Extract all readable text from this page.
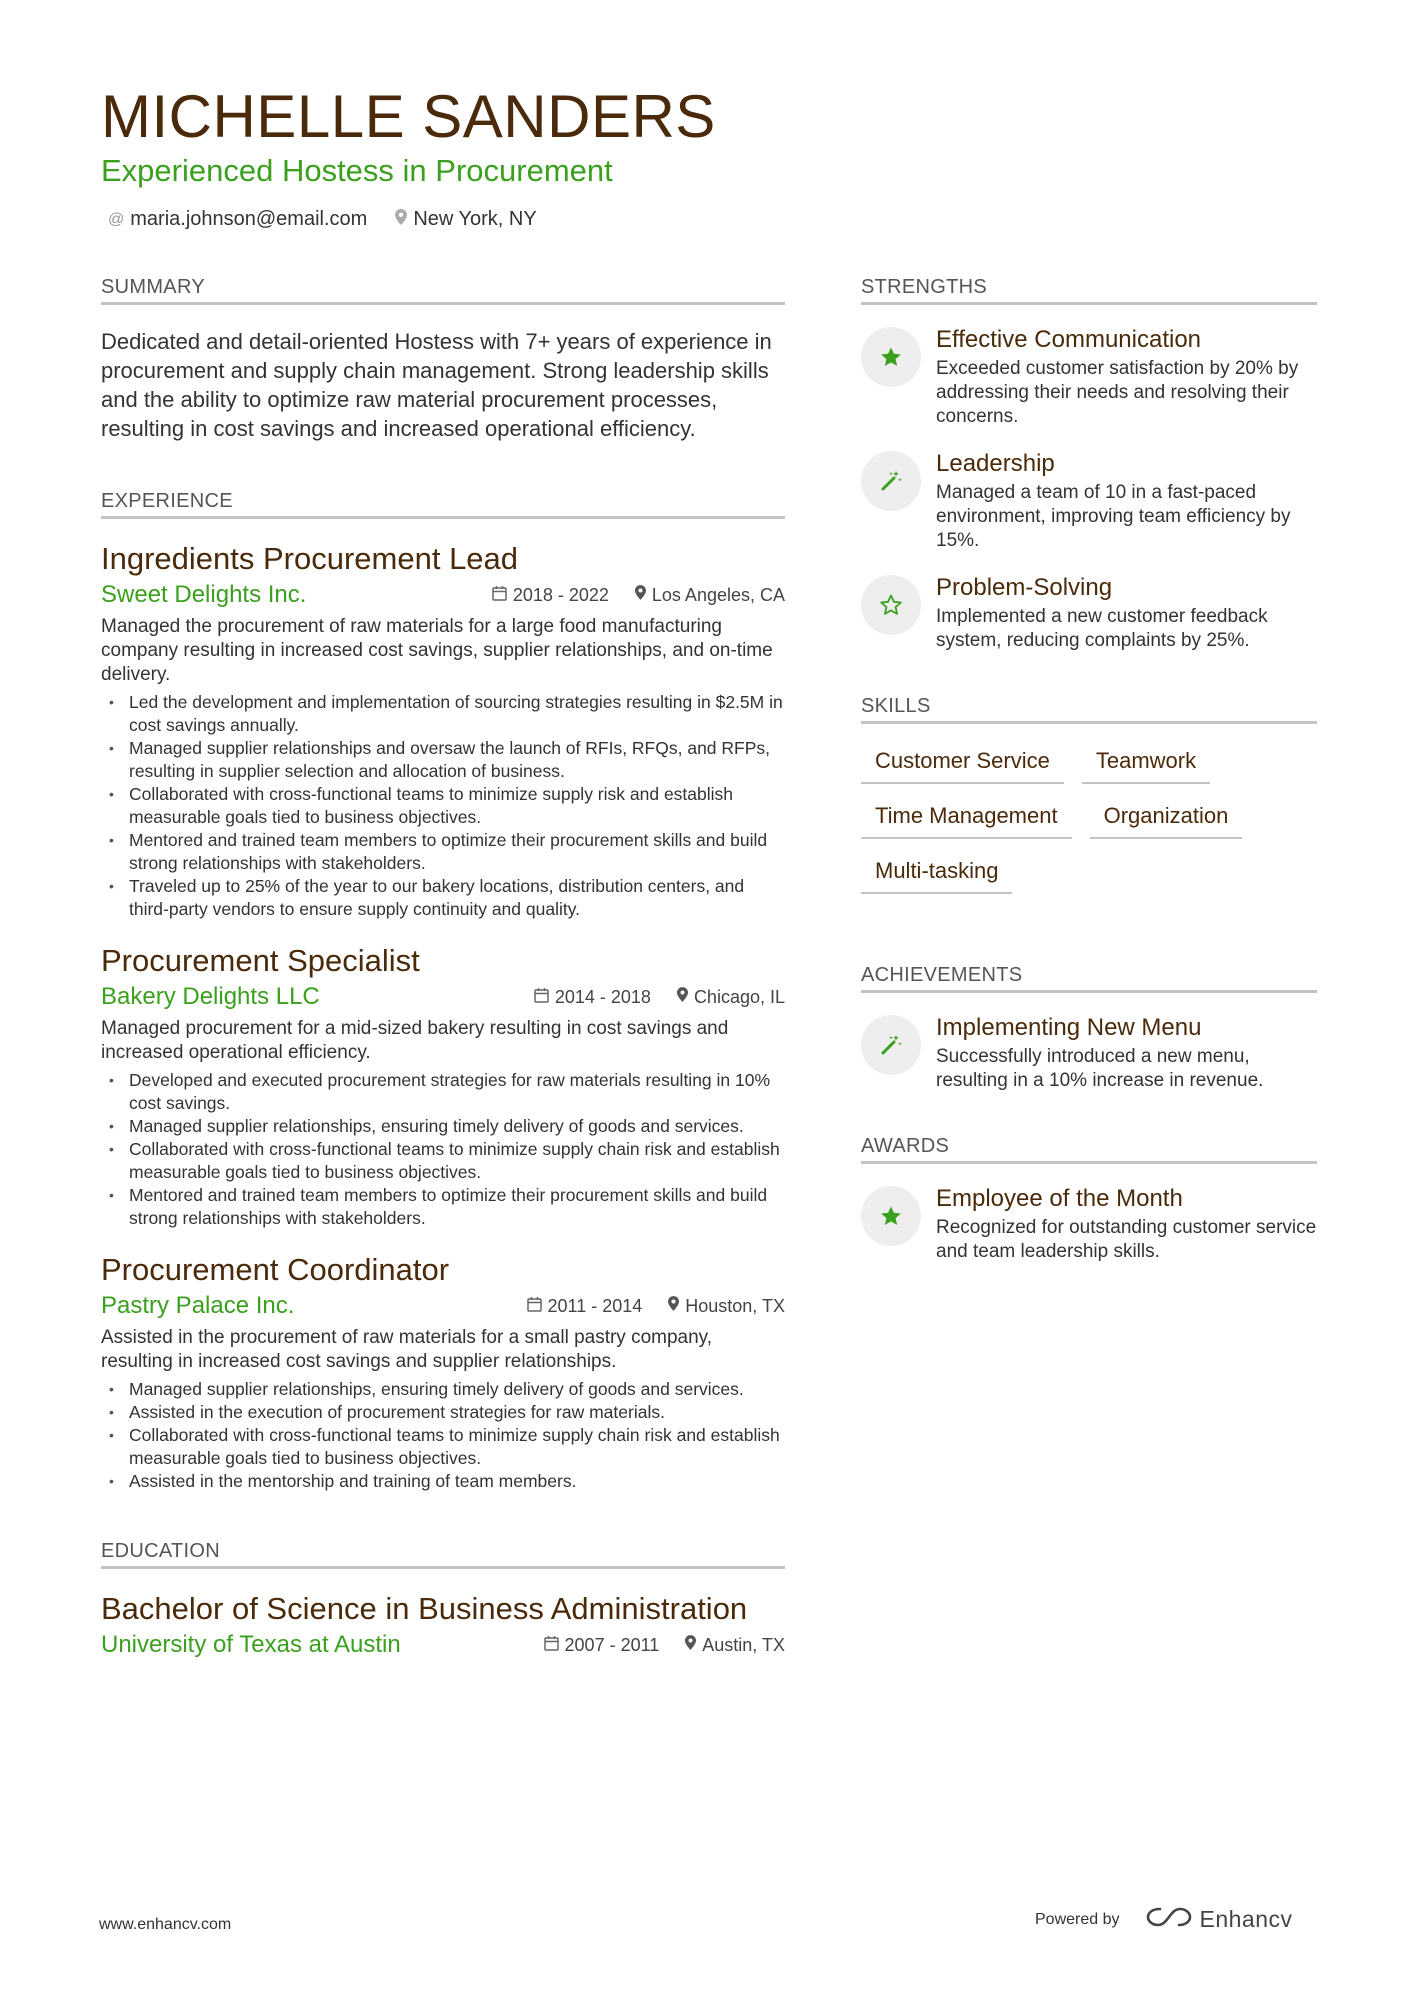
MICHELLE SANDERS
Experienced Hostess in Procurement
@ maria.johnson@email.com New York, NY
SUMMARY

Dedicated and detail-oriented Hostess with 7+ years of experience in procurement and supply chain management. Strong leadership skills and the ability to optimize raw material procurement processes, resulting in cost savings and increased operational efficiency.

EXPERIENCE
Ingredients Procurement Lead
Sweet Delights Inc.	2018 - 2022 Los Angeles, CA
Managed the procurement of raw materials for a large food manufacturing company resulting in increased cost savings, supplier relationships, and on-time delivery.
• Led the development and implementation of sourcing strategies resulting in $2.5M in cost savings annually.
• Managed supplier relationships and oversaw the launch of RFIs, RFQs, and RFPs, resulting in supplier selection and allocation of business.
• Collaborated with cross-functional teams to minimize supply risk and establish measurable goals tied to business objectives.
• Mentored and trained team members to optimize their procurement skills and build strong relationships with stakeholders.
• Traveled up to 25% of the year to our bakery locations, distribution centers, and third-party vendors to ensure supply continuity and quality.
Procurement Specialist
Bakery Delights LLC	2014 - 2018 Chicago, IL
Managed procurement for a mid-sized bakery resulting in cost savings and increased operational efficiency.
• Developed and executed procurement strategies for raw materials resulting in 10% cost savings.
• Managed supplier relationships, ensuring timely delivery of goods and services.
• Collaborated with cross-functional teams to minimize supply chain risk and establish measurable goals tied to business objectives.
• Mentored and trained team members to optimize their procurement skills and build strong relationships with stakeholders.
Procurement Coordinator
Pastry Palace Inc.	2011 - 2014 Houston, TX
Assisted in the procurement of raw materials for a small pastry company, resulting in increased cost savings and supplier relationships.
• Managed supplier relationships, ensuring timely delivery of goods and services.
• Assisted in the execution of procurement strategies for raw materials.
• Collaborated with cross-functional teams to minimize supply chain risk and establish measurable goals tied to business objectives.
• Assisted in the mentorship and training of team members.
EDUCATION
Bachelor of Science in Business Administration
University of Texas at Austin	2007 - 2011 Austin, TX
STRENGTHS
Effective Communication
Exceeded customer satisfaction by 20% by addressing their needs and resolving their concerns.
Leadership
Managed a team of 10 in a fast-paced environment, improving team efficiency by 15%.
Problem-Solving
Implemented a new customer feedback system, reducing complaints by 25%.
SKILLS
Customer Service	Teamwork
Time Management	Organization
Multi-tasking
ACHIEVEMENTS
Implementing New Menu
Successfully introduced a new menu, resulting in a 10% increase in revenue.
AWARDS
Employee of the Month
Recognized for outstanding customer service and team leadership skills.
www.enhancv.com	Powered by	Enhancv
